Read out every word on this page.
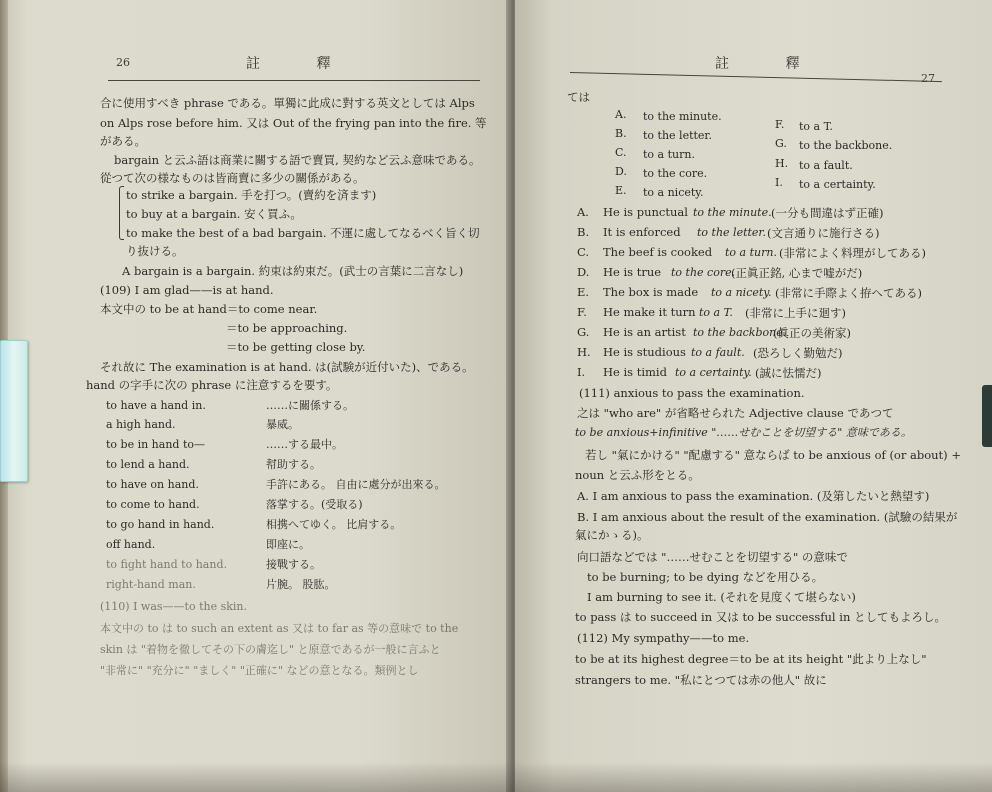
26	註 釋
合に使用すべき phrase である。單獨に此成に對する英文としては Alps
on Alps rose before him. 又は Out of the frying pan into the fire. 等
がある。
bargain と云ふ語は商業に關する語で賣買, 契約など云ふ意味である。
從つて次の様なものは皆商賣に多少の關係がある。
to strike a bargain. 手を打つ。(賣約を済ます)
to buy at a bargain. 安く買ふ。
to make the best of a bad bargain. 不運に處してなるべく旨く切
り抜ける。
A bargain is a bargain. 約束は約束だ。(武士の言葉に二言なし)
(109) I am glad——is at hand.
本文中の to be at hand＝to come near.
＝to be approaching.
＝to be getting close by.
それ故に The examination is at hand. は(試験が近付いた)、である。
hand の字手に次の phrase に注意するを要す。
to have a hand in.	……に關係する。
a high hand.	暴威。
to be in hand to—	……する最中。
to lend a hand.	幇助する。
to have on hand.	手許にある。 自由に處分が出來る。
to come to hand.	落掌する。(受取る)
to go hand in hand.	相携へてゆく。 比肩する。
off hand.	即座に。
to fight hand to hand.	接戰する。
right-hand man.	片腕。 股肱。
(110) I was——to the skin.
本文中の to は to such an extent as 又は to far as 等の意味で to the
skin は "着物を徹してその下の膚迄し" と原意であるが一般に言ふと
"非常に" "充分に" "ましく" "正確に" などの意となる。類例とし
註 釋
27
ては
A. to the minute.
B. to the letter.
C. to a turn.
D. to the core.
E. to a nicety.
F. to a T.
G. to the backbone.
H. to a fault.
I. to a certainty.
A. He is punctual to the minute. (一分も間違はず正確)
B. It is enforced to the letter. (文言通りに施行さる)
C. The beef is cooked to a turn. (非常によく料理がしてある)
D. He is true to the core.
(正眞正銘, 心まで嘘がだ)
E. The box is made to a nicety. (非常に手際よく拵へてある)
F. He make it turn to a T. (非常に上手に廻す)
G. He is an artist to the backbone.
(眞正の美術家)
H. He is studious to a fault. (恐ろしく勤勉だ)
I. He is timid to a certainty. (誠に怯懦だ)
(111) anxious to pass the examination.
之は "who are" が省略せられた Adjective clause であつて
to be anxious+infinitive "……せむことを切望する" 意味である。
若し "氣にかける" "配慮する" 意ならば to be anxious of (or about) +
noun と云ふ形をとる。
A. I am anxious to pass the examination. (及第したいと熱望す)
B. I am anxious about the result of the examination. (試驗の結果が
氣にかゝる)。
向口語などでは "……せむことを切望する" の意味で
to be burning; to be dying などを用ひる。
I am burning to see it. (それを見度くて堪らない)
to pass は to succeed in 又は to be successful in としてもよろし。
(112) My sympathy——to me.
to be at its highest degree＝to be at its height "此より上なし"
strangers to me. "私にとつては赤の他人" 故に
